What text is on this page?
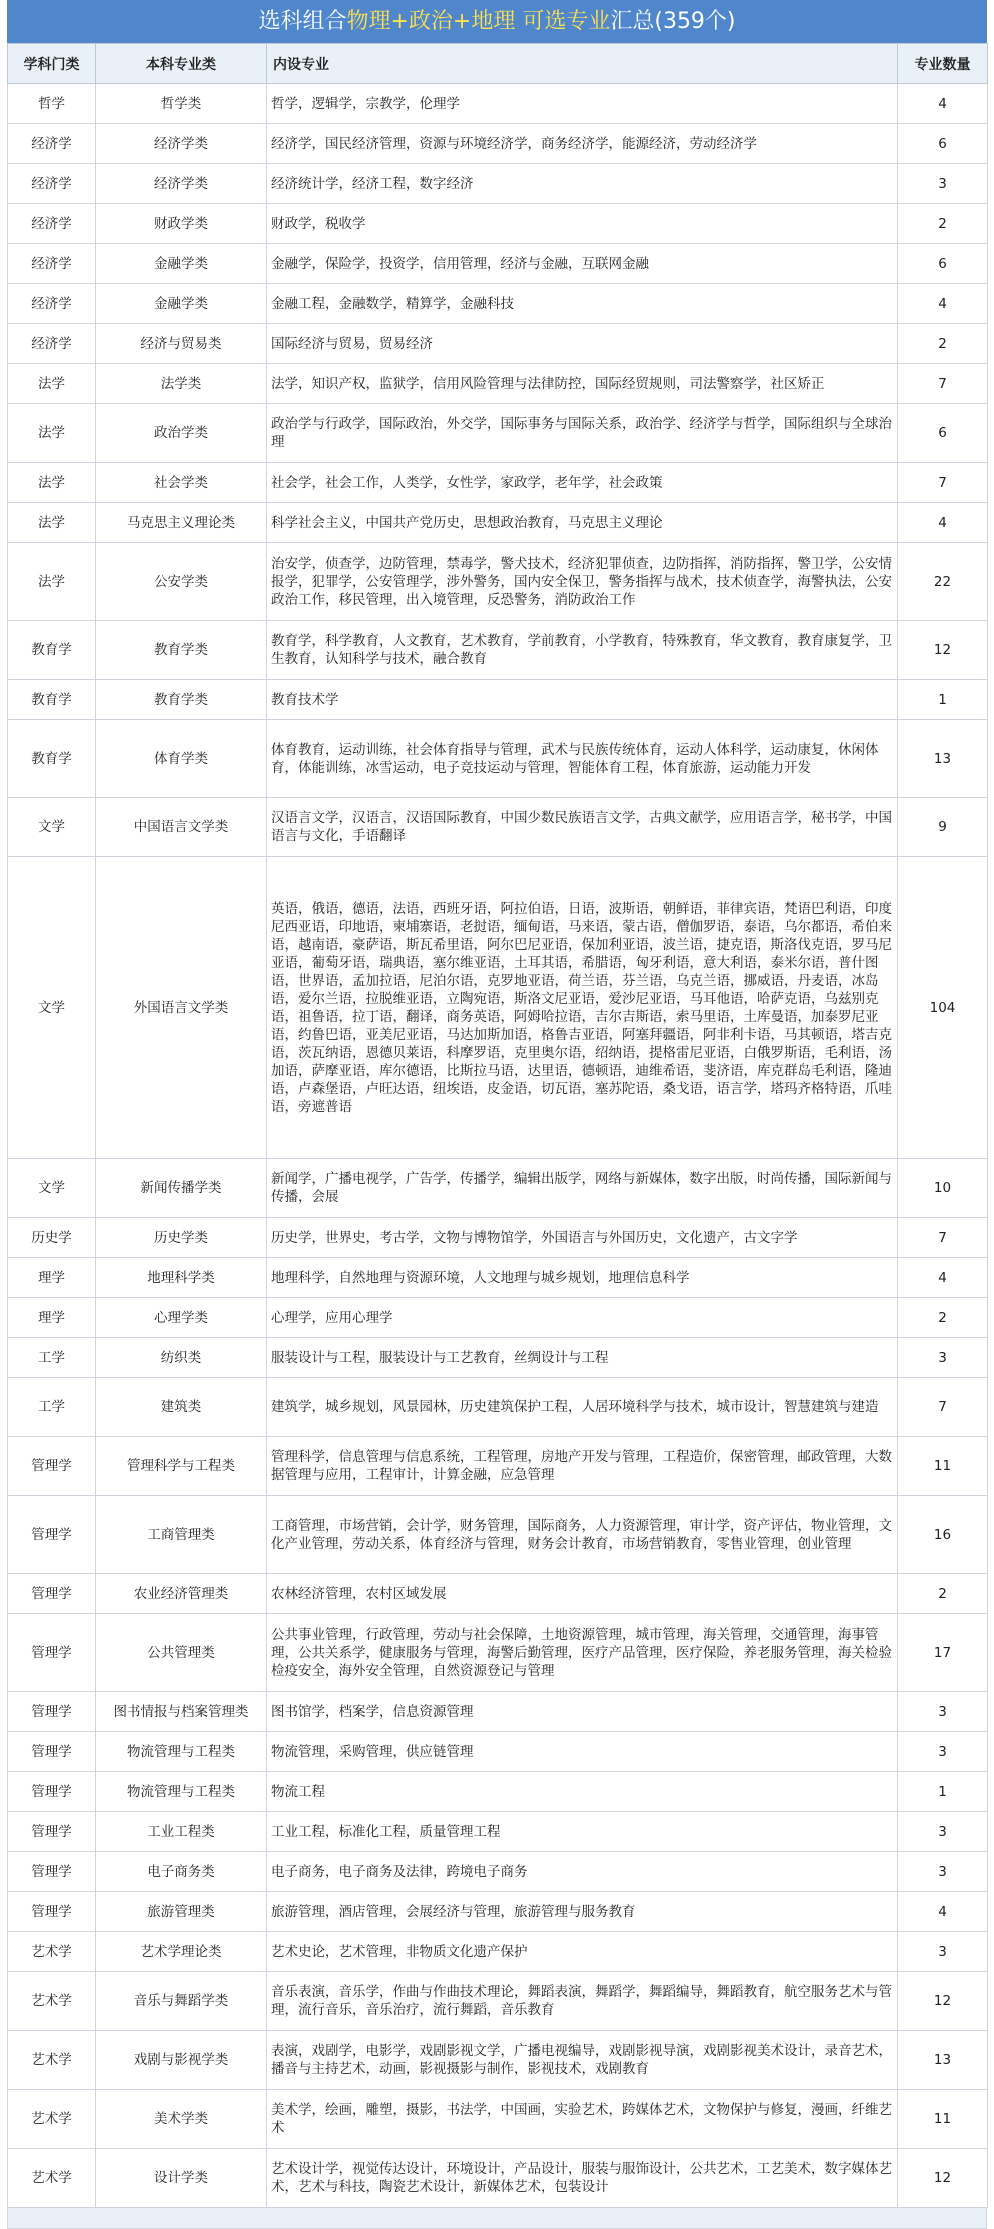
选科组合物理+政治+地理 可选专业汇总(359个)
学科门类	本科专业类	内设专业	专业数量
哲学	哲学类	哲学，逻辑学，宗教学，伦理学	4
经济学	经济学类	经济学，国民经济管理，资源与环境经济学，商务经济学，能源经济，劳动经济学	6
经济学	经济学类	经济统计学，经济工程，数字经济	3
经济学	财政学类	财政学，税收学	2
经济学	金融学类	金融学，保险学，投资学，信用管理，经济与金融，互联网金融	6
经济学	金融学类	金融工程，金融数学，精算学，金融科技	4
经济学	经济与贸易类	国际经济与贸易，贸易经济	2
法学	法学类	法学，知识产权，监狱学，信用风险管理与法律防控，国际经贸规则，司法警察学，社区矫正	7
法学	政治学类	政治学与行政学，国际政治，外交学，国际事务与国际关系，政治学、经济学与哲学，国际组织与全球治理	6
法学	社会学类	社会学，社会工作，人类学，女性学，家政学，老年学，社会政策	7
法学	马克思主义理论类	科学社会主义，中国共产党历史，思想政治教育，马克思主义理论	4
法学	公安学类	治安学，侦查学，边防管理，禁毒学，警犬技术，经济犯罪侦查，边防指挥，消防指挥，警卫学，公安情报学，犯罪学，公安管理学，涉外警务，国内安全保卫，警务指挥与战术，技术侦查学，海警执法，公安政治工作，移民管理，出入境管理，反恐警务，消防政治工作	22
教育学	教育学类	教育学，科学教育，人文教育，艺术教育，学前教育，小学教育，特殊教育，华文教育，教育康复学，卫生教育，认知科学与技术，融合教育	12
教育学	教育学类	教育技术学	1
教育学	体育学类	体育教育，运动训练，社会体育指导与管理，武术与民族传统体育，运动人体科学，运动康复，休闲体育，体能训练，冰雪运动，电子竞技运动与管理，智能体育工程，体育旅游，运动能力开发	13
文学	中国语言文学类	汉语言文学，汉语言，汉语国际教育，中国少数民族语言文学，古典文献学，应用语言学，秘书学，中国语言与文化，手语翻译	9
文学	外国语言文学类	英语，俄语，德语，法语，西班牙语，阿拉伯语，日语，波斯语，朝鲜语，菲律宾语，梵语巴利语，印度尼西亚语，印地语，柬埔寨语，老挝语，缅甸语，马来语，蒙古语，僧伽罗语，泰语，乌尔都语，希伯来语，越南语，豪萨语，斯瓦希里语，阿尔巴尼亚语，保加利亚语，波兰语，捷克语，斯洛伐克语，罗马尼亚语，葡萄牙语，瑞典语，塞尔维亚语，土耳其语，希腊语，匈牙利语，意大利语，泰米尔语，普什图语，世界语，孟加拉语，尼泊尔语，克罗地亚语，荷兰语，芬兰语，乌克兰语，挪威语，丹麦语，冰岛语，爱尔兰语，拉脱维亚语，立陶宛语，斯洛文尼亚语，爱沙尼亚语，马耳他语，哈萨克语，乌兹别克语，祖鲁语，拉丁语，翻译，商务英语，阿姆哈拉语，吉尔吉斯语，索马里语，土库曼语，加泰罗尼亚语，约鲁巴语，亚美尼亚语，马达加斯加语，格鲁吉亚语，阿塞拜疆语，阿非利卡语，马其顿语，塔吉克语，茨瓦纳语，恩德贝莱语，科摩罗语，克里奥尔语，绍纳语，提格雷尼亚语，白俄罗斯语，毛利语，汤加语，萨摩亚语，库尔德语，比斯拉马语，达里语，德顿语，迪维希语，斐济语，库克群岛毛利语，隆迪语，卢森堡语，卢旺达语，纽埃语，皮金语，切瓦语，塞苏陀语，桑戈语，语言学，塔玛齐格特语，爪哇语，旁遮普语	104
文学	新闻传播学类	新闻学，广播电视学，广告学，传播学，编辑出版学，网络与新媒体，数字出版，时尚传播，国际新闻与传播，会展	10
历史学	历史学类	历史学，世界史，考古学，文物与博物馆学，外国语言与外国历史，文化遗产，古文字学	7
理学	地理科学类	地理科学，自然地理与资源环境，人文地理与城乡规划，地理信息科学	4
理学	心理学类	心理学，应用心理学	2
工学	纺织类	服装设计与工程，服装设计与工艺教育，丝绸设计与工程	3
工学	建筑类	建筑学，城乡规划，风景园林，历史建筑保护工程，人居环境科学与技术，城市设计，智慧建筑与建造	7
管理学	管理科学与工程类	管理科学，信息管理与信息系统，工程管理，房地产开发与管理，工程造价，保密管理，邮政管理，大数据管理与应用，工程审计，计算金融，应急管理	11
管理学	工商管理类	工商管理，市场营销，会计学，财务管理，国际商务，人力资源管理，审计学，资产评估，物业管理，文化产业管理，劳动关系，体育经济与管理，财务会计教育，市场营销教育，零售业管理，创业管理	16
管理学	农业经济管理类	农林经济管理，农村区域发展	2
管理学	公共管理类	公共事业管理，行政管理，劳动与社会保障，土地资源管理，城市管理，海关管理，交通管理，海事管理，公共关系学，健康服务与管理，海警后勤管理，医疗产品管理，医疗保险，养老服务管理，海关检验检疫安全，海外安全管理，自然资源登记与管理	17
管理学	图书情报与档案管理类	图书馆学，档案学，信息资源管理	3
管理学	物流管理与工程类	物流管理，采购管理，供应链管理	3
管理学	物流管理与工程类	物流工程	1
管理学	工业工程类	工业工程，标准化工程，质量管理工程	3
管理学	电子商务类	电子商务，电子商务及法律，跨境电子商务	3
管理学	旅游管理类	旅游管理，酒店管理，会展经济与管理，旅游管理与服务教育	4
艺术学	艺术学理论类	艺术史论，艺术管理，非物质文化遗产保护	3
艺术学	音乐与舞蹈学类	音乐表演，音乐学，作曲与作曲技术理论，舞蹈表演，舞蹈学，舞蹈编导，舞蹈教育，航空服务艺术与管理，流行音乐，音乐治疗，流行舞蹈，音乐教育	12
艺术学	戏剧与影视学类	表演，戏剧学，电影学，戏剧影视文学，广播电视编导，戏剧影视导演，戏剧影视美术设计，录音艺术，播音与主持艺术，动画，影视摄影与制作，影视技术，戏剧教育	13
艺术学	美术学类	美术学，绘画，雕塑，摄影，书法学，中国画，实验艺术，跨媒体艺术，文物保护与修复，漫画，纤维艺术	11
艺术学	设计学类	艺术设计学，视觉传达设计，环境设计，产品设计，服装与服饰设计，公共艺术，工艺美术，数字媒体艺术，艺术与科技，陶瓷艺术设计，新媒体艺术，包装设计	12
